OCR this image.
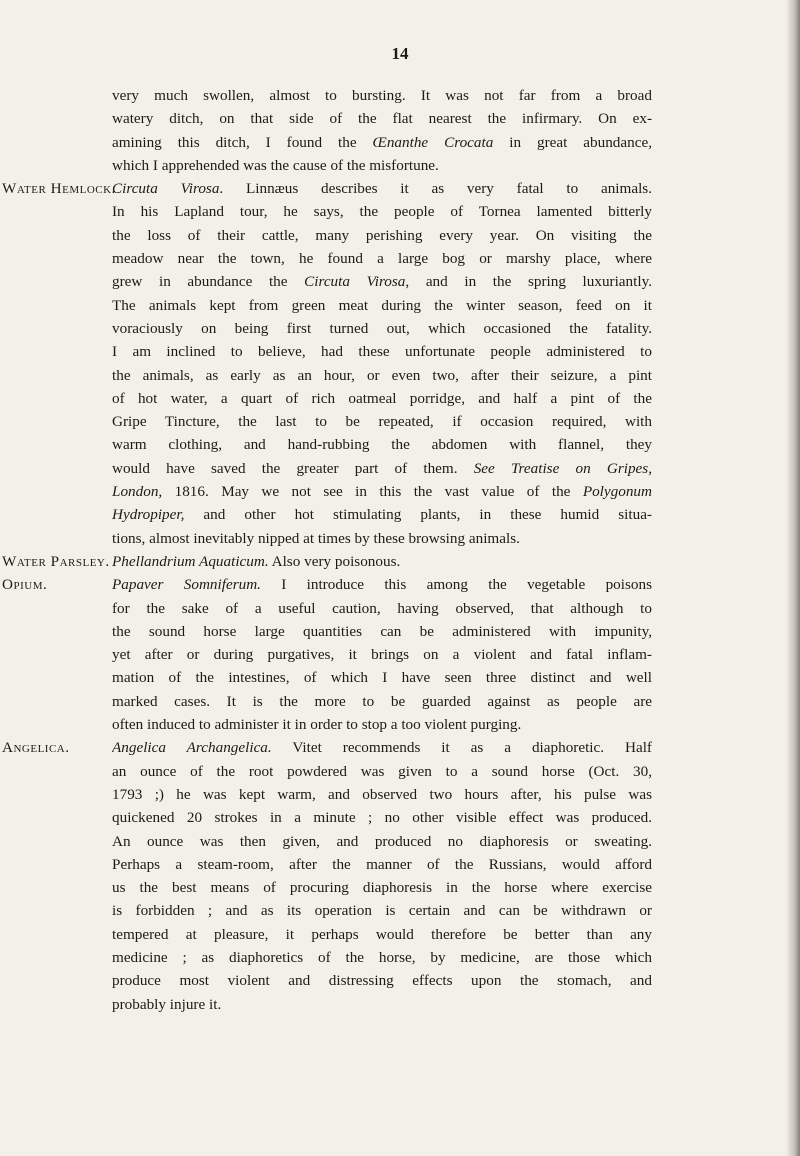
14
very much swollen, almost to bursting. It was not far from a broad
watery ditch, on that side of the flat nearest the infirmary. On ex-
amining this ditch, I found the Œnanthe Crocata in great abundance,
which I apprehended was the cause of the misfortune.
Water Hemlock.
Circuta Virosa. Linnæus describes it as very fatal to animals.
In his Lapland tour, he says, the people of Tornea lamented bitterly
the loss of their cattle, many perishing every year. On visiting the
meadow near the town, he found a large bog or marshy place, where
grew in abundance the Circuta Virosa, and in the spring luxuriantly.
The animals kept from green meat during the winter season, feed on it
voraciously on being first turned out, which occasioned the fatality.
I am inclined to believe, had these unfortunate people administered to
the animals, as early as an hour, or even two, after their seizure, a pint
of hot water, a quart of rich oatmeal porridge, and half a pint of the
Gripe Tincture, the last to be repeated, if occasion required, with
warm clothing, and hand-rubbing the abdomen with flannel, they
would have saved the greater part of them. See Treatise on Gripes,
London, 1816. May we not see in this the vast value of the Polygonum
Hydropiper, and other hot stimulating plants, in these humid situa-
tions, almost inevitably nipped at times by these browsing animals.
Water Parsley. Phellandrium Aquaticum. Also very poisonous.
Opium.	Papaver Somniferum. I introduce this among the vegetable poisons
for the sake of a useful caution, having observed, that although to
the sound horse large quantities can be administered with impunity,
yet after or during purgatives, it brings on a violent and fatal inflam-
mation of the intestines, of which I have seen three distinct and well
marked cases. It is the more to be guarded against as people are
often induced to administer it in order to stop a too violent purging.
Angelica.	Angelica Archangelica. Vitet recommends it as a diaphoretic. Half
an ounce of the root powdered was given to a sound horse (Oct. 30,
1793 ;) he was kept warm, and observed two hours after, his pulse was
quickened 20 strokes in a minute ; no other visible effect was produced.
An ounce was then given, and produced no diaphoresis or sweating.
Perhaps a steam-room, after the manner of the Russians, would afford
us the best means of procuring diaphoresis in the horse where exercise
is forbidden ; and as its operation is certain and can be withdrawn or
tempered at pleasure, it perhaps would therefore be better than any
medicine ; as diaphoretics of the horse, by medicine, are those which
produce most violent and distressing effects upon the stomach, and
probably injure it.
